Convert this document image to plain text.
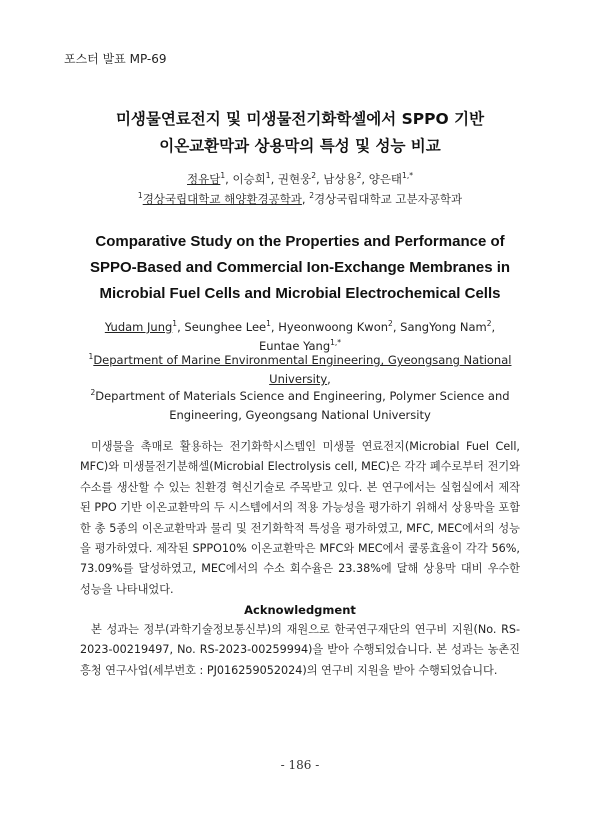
포스터 발표 MP-69
미생물연료전지 및 미생물전기화학셀에서 SPPO 기반
이온교환막과 상용막의 특성 및 성능 비교
정유담$^1$, 이승희$^1$, 권현웅$^2$, 남상용$^2$, 양은태$^{1,*}$
$^1$경상국립대학교 해양환경공학과, $^2$경상국립대학교 고분자공학과
Comparative Study on the Properties and Performance of
SPPO-Based and Commercial Ion-Exchange Membranes in
Microbial Fuel Cells and Microbial Electrochemical Cells
Yudam Jung$^1$, Seunghee Lee$^1$, Hyeonwoong Kwon$^2$, SangYong Nam$^2$,
Euntae Yang$^{1,*}$
$^1$Department of Marine Environmental Engineering, Gyeongsang National
University,
$^2$Department of Materials Science and Engineering, Polymer Science and
Engineering, Gyeongsang National University

미생물을 촉매로 활용하는 전기화학시스템인 미생물 연료전지(Microbial Fuel Cell, MFC)와 미생물전기분해셀(Microbial Electrolysis cell, MEC)은 각각 폐수로부터 전기와 수소를 생산할 수 있는 친환경 혁신기술로 주목받고 있다. 본 연구에서는 실험실에서 제작된 PPO 기반 이온교환막의 두 시스템에서의 적용 가능성을 평가하기 위해서 상용막을 포함한 총 5종의 이온교환막과 물리 및 전기화학적 특성을 평가하였고, MFC, MEC에서의 성능을 평가하였다. 제작된 SPPO10% 이온교환막은 MFC와 MEC에서 쿨롱효율이 각각 56%, 73.09%를 달성하였고, MEC에서의 수소 회수율은 23.38%에 달해 상용막 대비 우수한 성능을 나타내었다.

Acknowledgment

본 성과는 정부(과학기술정보통신부)의 재원으로 한국연구재단의 연구비 지원(No. RS-2023-00219497, No. RS-2023-00259994)을 받아 수행되었습니다. 본 성과는 농촌진흥청 연구사업(세부번호 : PJ016259052024)의 연구비 지원을 받아 수행되었습니다.

- 186 -
